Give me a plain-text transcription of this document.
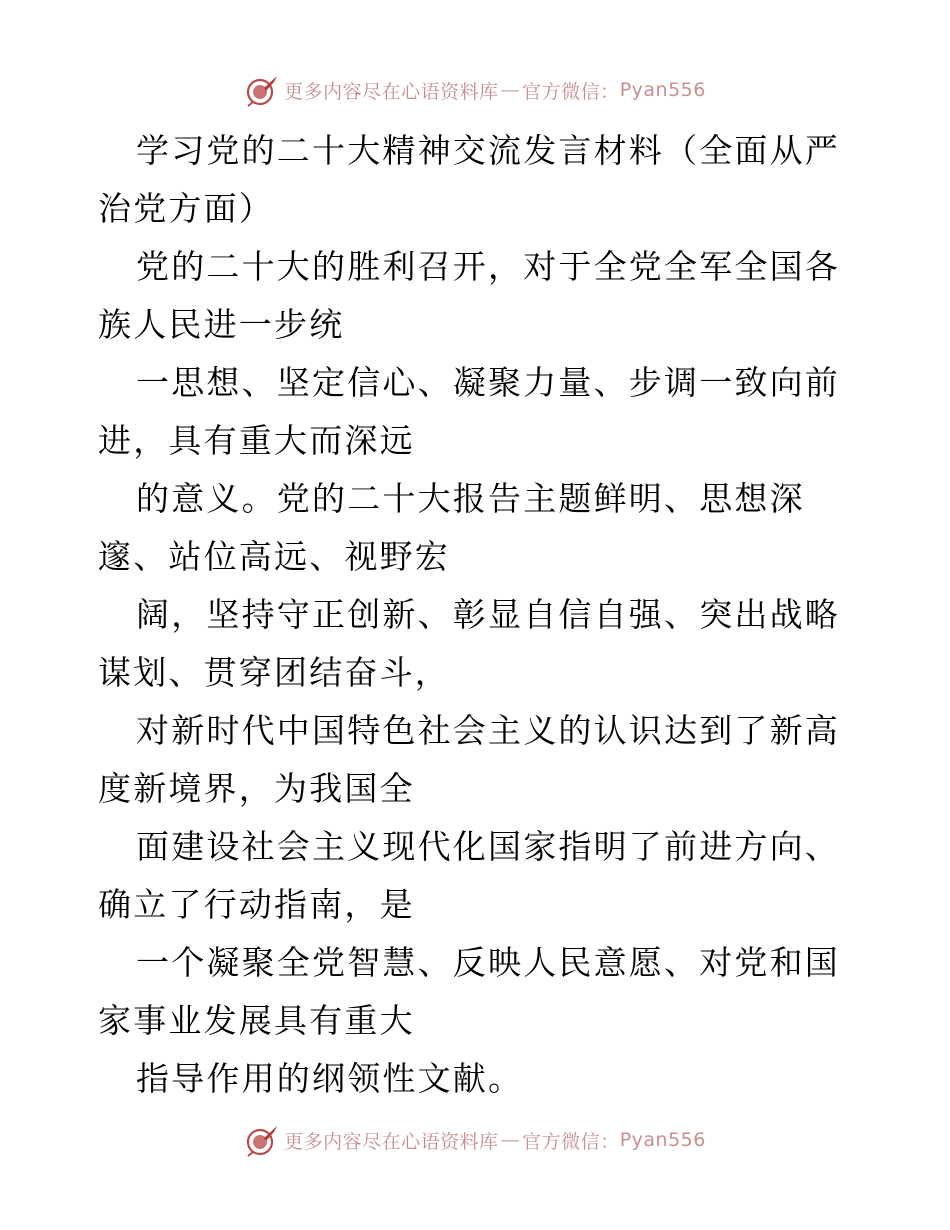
更多内容尽在心语资料库 — 官方微信： Pyan556

学习党的二十大精神交流发言材料（全面从严治党方面）

党的二十大的胜利召开，对于全党全军全国各族人民进一步统

一思想、坚定信心、凝聚力量、步调一致向前进，具有重大而深远

的意义。党的二十大报告主题鲜明、思想深邃、站位高远、视野宏

阔，坚持守正创新、彰显自信自强、突出战略谋划、贯穿团结奋斗，

对新时代中国特色社会主义的认识达到了新高度新境界，为我国全

面建设社会主义现代化国家指明了前进方向、确立了行动指南，是

一个凝聚全党智慧、反映人民意愿、对党和国家事业发展具有重大

指导作用的纲领性文献。

更多内容尽在心语资料库 — 官方微信： Pyan556
